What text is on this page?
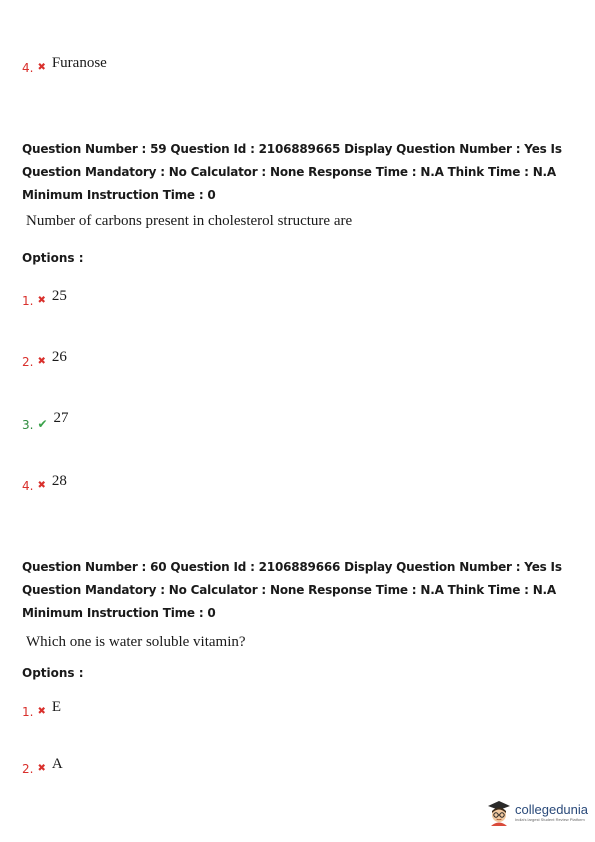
4. ✖ Furanose
Question Number : 59 Question Id : 2106889665 Display Question Number : Yes Is Question Mandatory : No Calculator : None Response Time : N.A Think Time : N.A Minimum Instruction Time : 0
Number of carbons present in cholesterol structure are
Options :
1. ✖ 25
2. ✖ 26
3. ✔ 27
4. ✖ 28
Question Number : 60 Question Id : 2106889666 Display Question Number : Yes Is Question Mandatory : No Calculator : None Response Time : N.A Think Time : N.A Minimum Instruction Time : 0
Which one is water soluble vitamin?
Options :
1. ✖ E
2. ✖ A
collegedunia
India's largest Student Review Platform
